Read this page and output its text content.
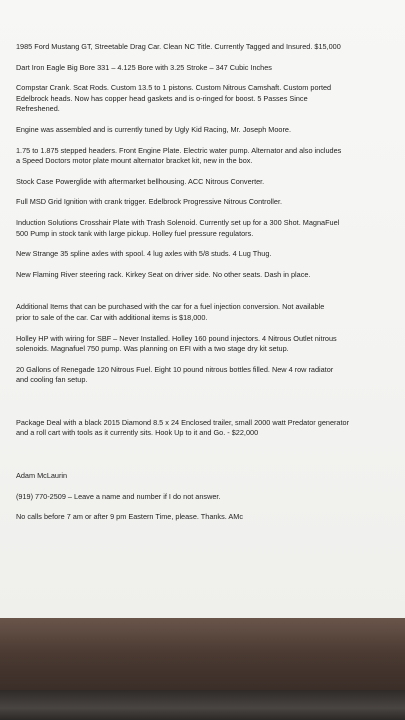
1985 Ford Mustang GT, Streetable Drag Car. Clean NC Title. Currently Tagged and Insured. $15,000
Dart Iron Eagle Big Bore 331 – 4.125 Bore with 3.25 Stroke – 347 Cubic Inches
Compstar Crank. Scat Rods. Custom 13.5 to 1 pistons. Custom Nitrous Camshaft. Custom ported
Edelbrock heads. Now has copper head gaskets and is o-ringed for boost. 5 Passes Since
Refreshened.
Engine was assembled and is currently tuned by Ugly Kid Racing, Mr. Joseph Moore.
1.75 to 1.875 stepped headers. Front Engine Plate. Electric water pump. Alternator and also includes
a Speed Doctors motor plate mount alternator bracket kit, new in the box.
Stock Case Powerglide with aftermarket bellhousing. ACC Nitrous Converter.
Full MSD Grid Ignition with crank trigger. Edelbrock Progressive Nitrous Controller.
Induction Solutions Crosshair Plate with Trash Solenoid. Currently set up for a 300 Shot. MagnaFuel
500 Pump in stock tank with large pickup. Holley fuel pressure regulators.
New Strange 35 spline axles with spool. 4 lug axles with 5/8 studs. 4 Lug Thug.
New Flaming River steering rack. Kirkey Seat on driver side. No other seats. Dash in place.
Additional Items that can be purchased with the car for a fuel injection conversion. Not available
prior to sale of the car. Car with additional items is $18,000.
Holley HP with wiring for SBF – Never Installed. Holley 160 pound injectors. 4 Nitrous Outlet nitrous
solenoids. Magnafuel 750 pump. Was planning on EFI with a two stage dry kit setup.
20 Gallons of Renegade 120 Nitrous Fuel. Eight 10 pound nitrous bottles filled. New 4 row radiator
and cooling fan setup.
Package Deal with a black 2015 Diamond 8.5 x 24 Enclosed trailer, small 2000 watt Predator generator
and a roll cart with tools as it currently sits. Hook Up to it and Go. - $22,000
Adam McLaurin
(919) 770-2509 – Leave a name and number if I do not answer.
No calls before 7 am or after 9 pm Eastern Time, please. Thanks. AMc
